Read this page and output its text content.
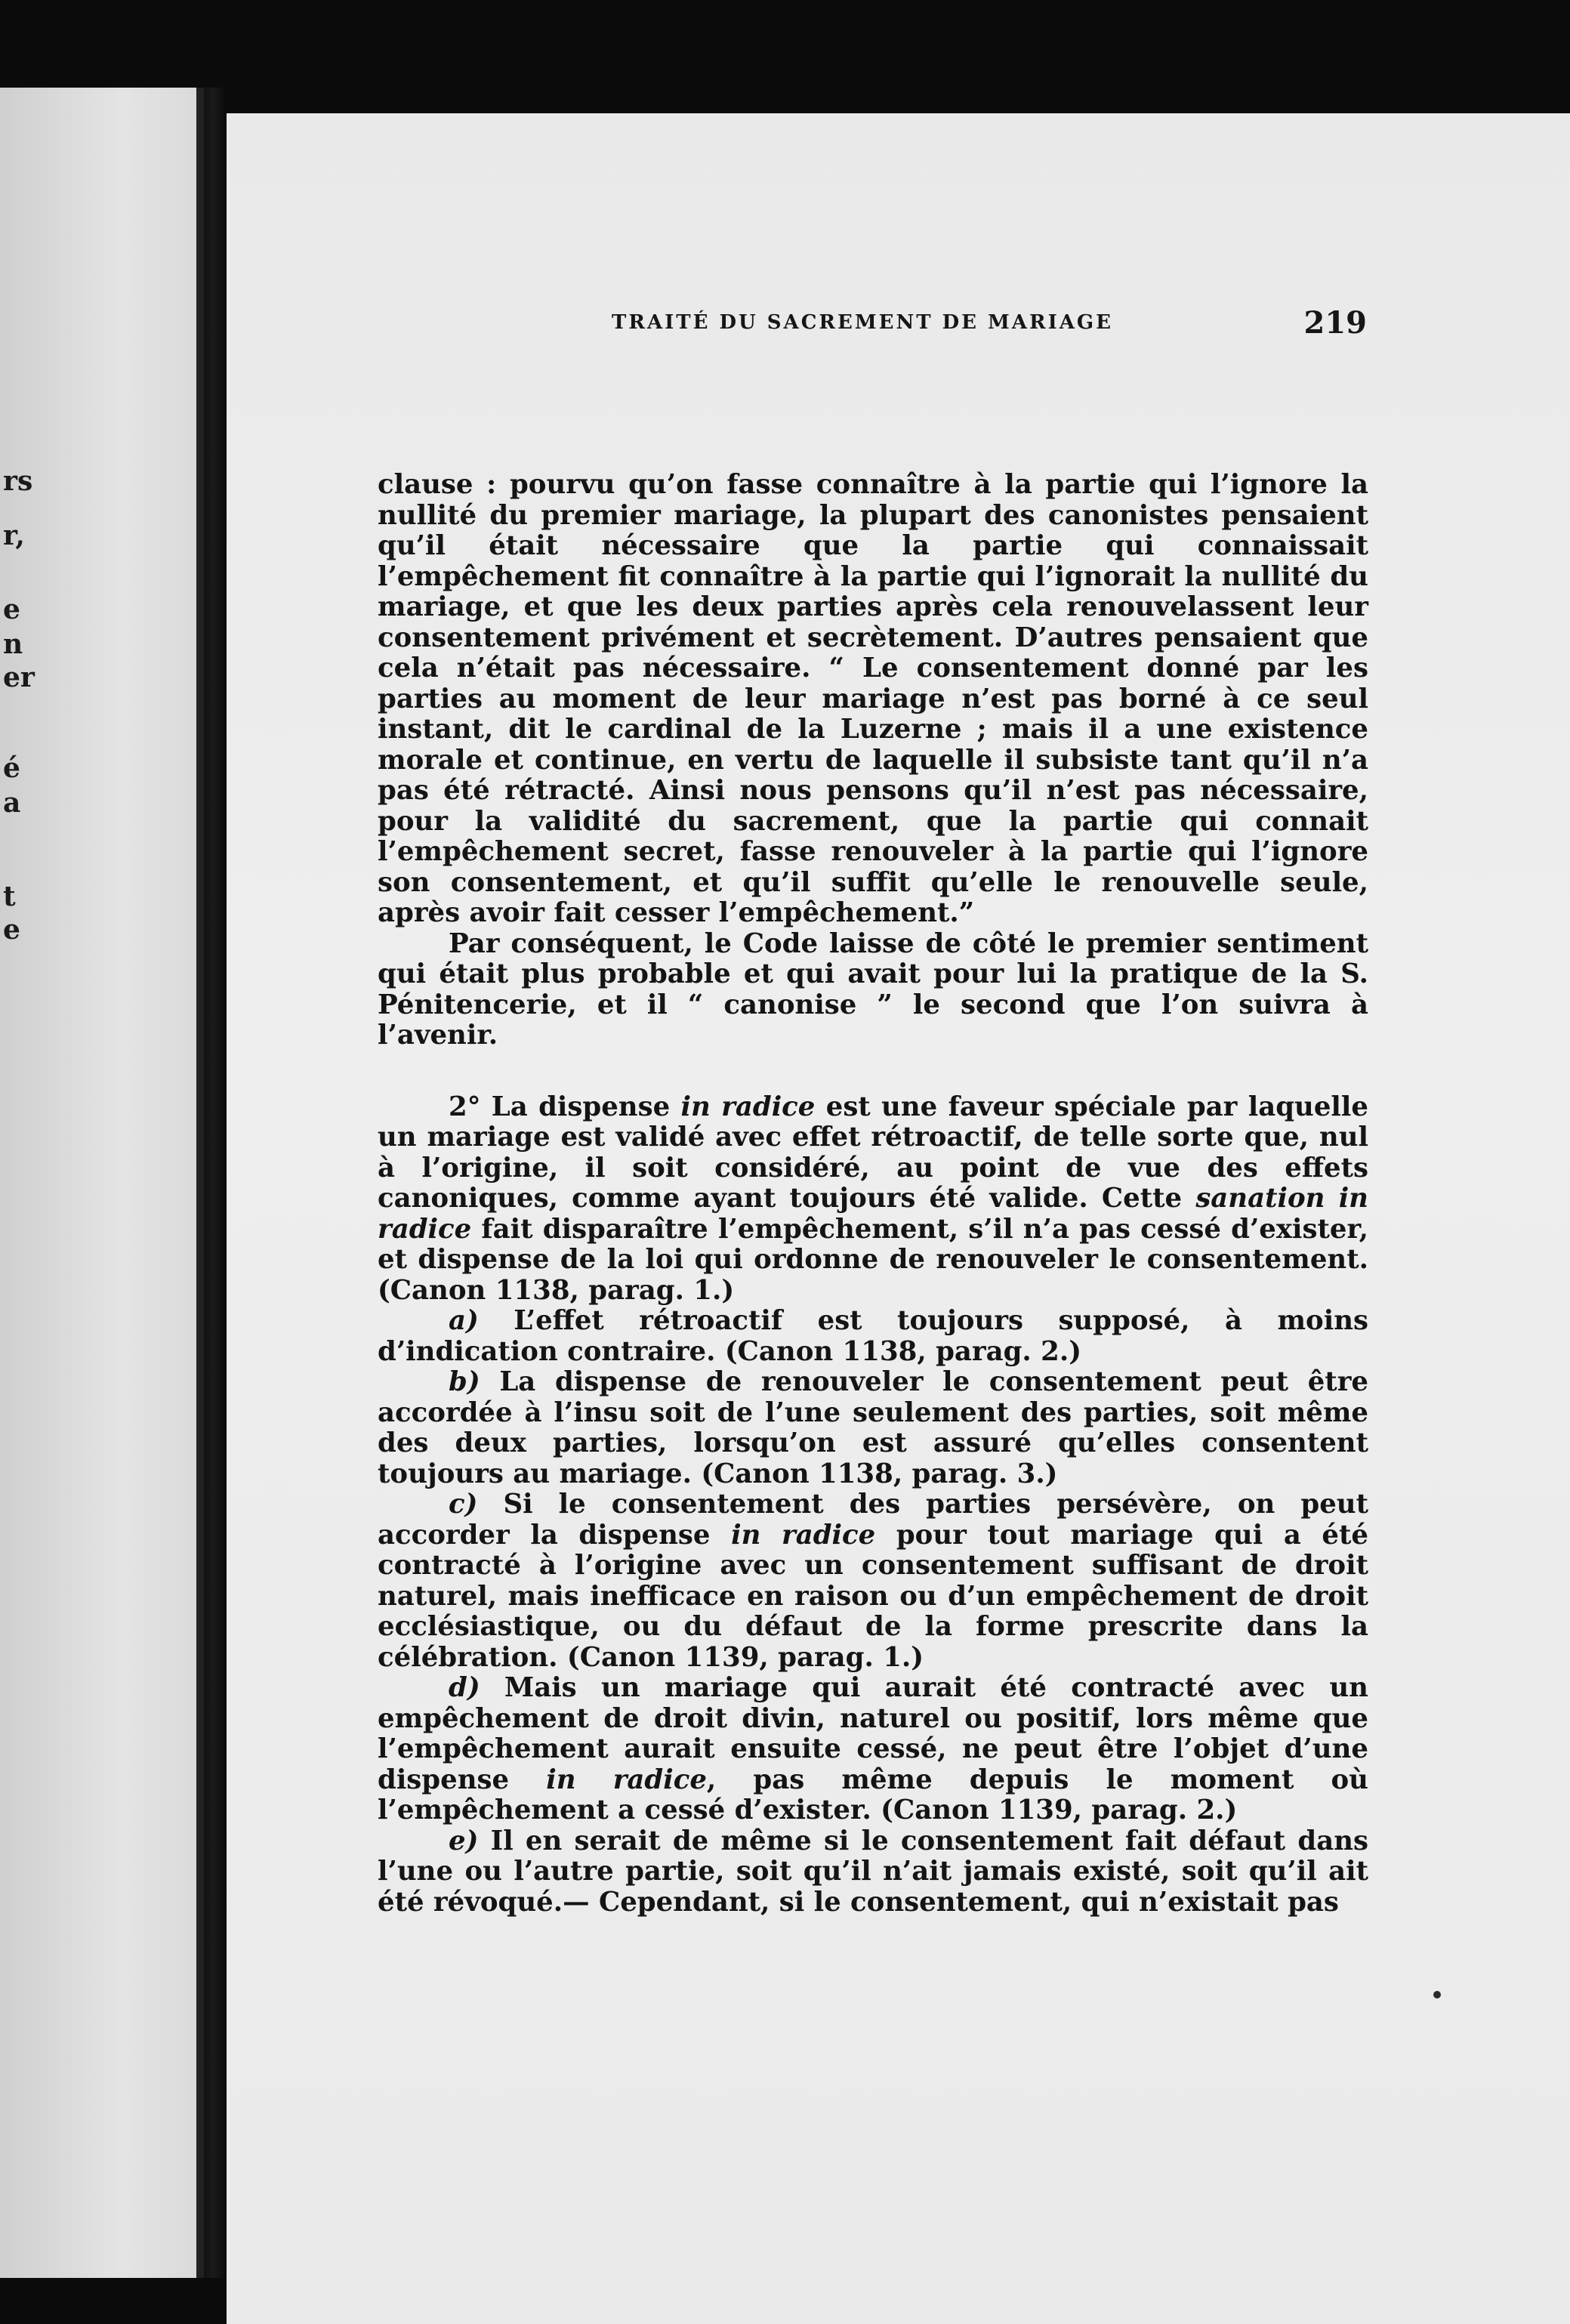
rs
r,
e
n
er
é
a
t
e
TRAITÉ DU SACREMENT DE MARIAGE	219

clause : pourvu qu’on fasse connaître à la partie qui l’ignore la nullité du premier mariage, la plupart des canonistes pensaient qu’il était nécessaire que la partie qui connaissait l’empêchement fit connaître à la partie qui l’ignorait la nullité du mariage, et que les deux parties après cela renouvelassent leur consentement privément et secrètement. D’autres pensaient que cela n’était pas nécessaire. “ Le consentement donné par les parties au moment de leur mariage n’est pas borné à ce seul instant, dit le cardinal de la Luzerne ; mais il a une existence morale et continue, en vertu de laquelle il subsiste tant qu’il n’a pas été rétracté. Ainsi nous pensons qu’il n’est pas nécessaire, pour la validité du sacrement, que la partie qui connait l’empêchement secret, fasse renouveler à la partie qui l’ignore son consentement, et qu’il suffit qu’elle le renouvelle seule, après avoir fait cesser l’empêchement.”

Par conséquent, le Code laisse de côté le premier sentiment qui était plus probable et qui avait pour lui la pratique de la S. Pénitencerie, et il “ canonise ” le second que l’on suivra à l’avenir.

2° La dispense in radice est une faveur spéciale par laquelle un mariage est validé avec effet rétroactif, de telle sorte que, nul à l’origine, il soit considéré, au point de vue des effets canoniques, comme ayant toujours été valide. Cette sanation in radice fait disparaître l’empêchement, s’il n’a pas cessé d’exister, et dispense de la loi qui ordonne de renouveler le consentement. (Canon 1138, parag. 1.)

a) L’effet rétroactif est toujours supposé, à moins d’indication contraire. (Canon 1138, parag. 2.)

b) La dispense de renouveler le consentement peut être accordée à l’insu soit de l’une seulement des parties, soit même des deux parties, lorsqu’on est assuré qu’elles consentent toujours au mariage. (Canon 1138, parag. 3.)

c) Si le consentement des parties persévère, on peut accorder la dispense in radice pour tout mariage qui a été contracté à l’origine avec un consentement suffisant de droit naturel, mais inefficace en raison ou d’un empêchement de droit ecclésiastique, ou du défaut de la forme prescrite dans la célébration. (Canon 1139, parag. 1.)

d) Mais un mariage qui aurait été contracté avec un empêchement de droit divin, naturel ou positif, lors même que l’empêchement aurait ensuite cessé, ne peut être l’objet d’une dispense in radice, pas même depuis le moment où l’empêchement a cessé d’exister. (Canon 1139, parag. 2.)

e) Il en serait de même si le consentement fait défaut dans l’une ou l’autre partie, soit qu’il n’ait jamais existé, soit qu’il ait été révoqué.— Cependant, si le consentement, qui n’existait pas
